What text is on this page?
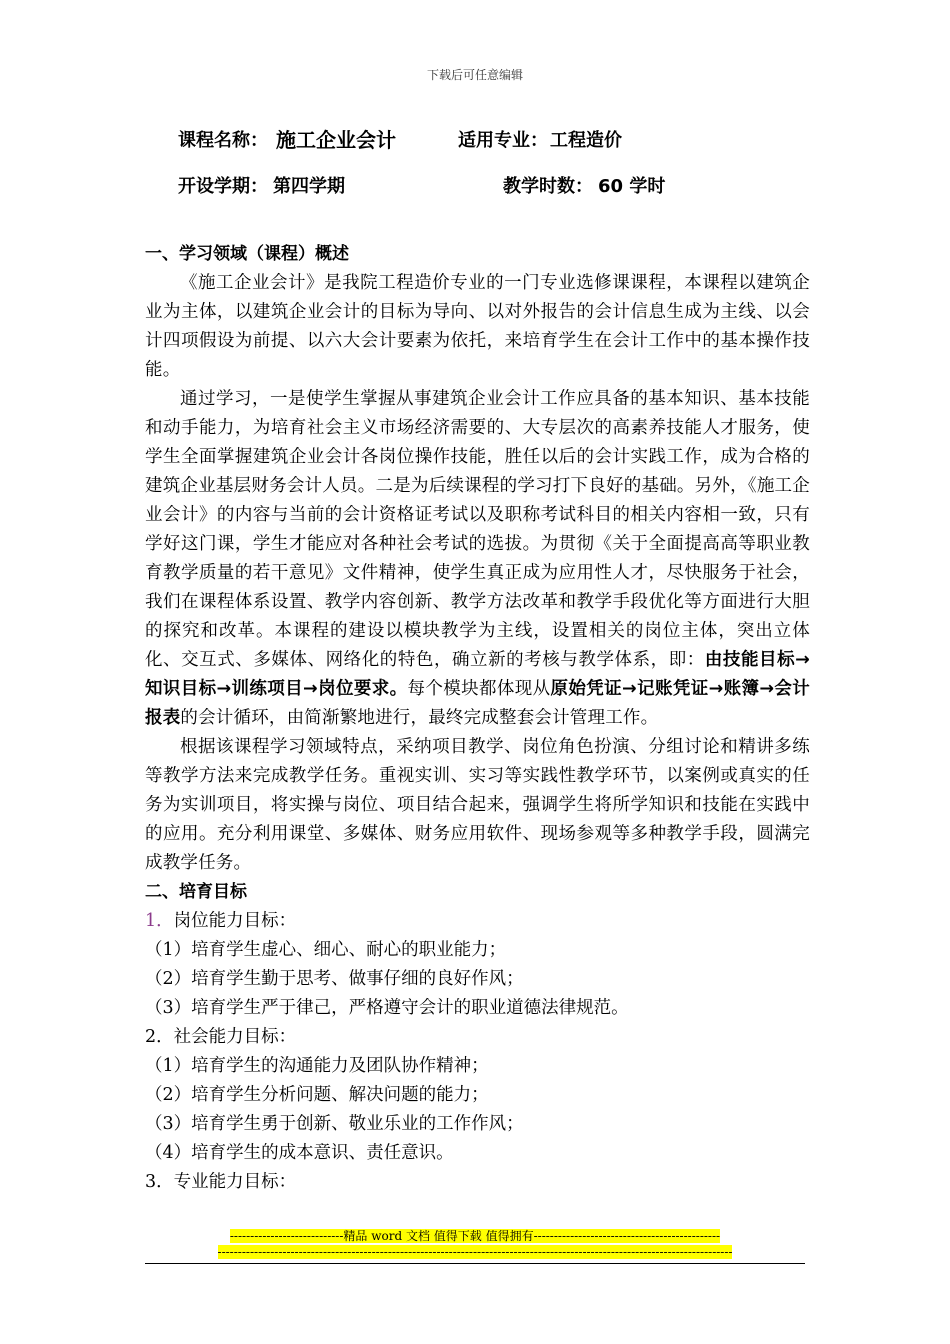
下载后可任意编辑
课程名称： 施工企业会计	适用专业： 工程造价
开设学期： 第四学期	教学时数： 60 学时

一、学习领域（课程）概述

《施工企业会计》是我院工程造价专业的一门专业选修课课程，本课程以建筑企业为主体，以建筑企业会计的目标为导向、以对外报告的会计信息生成为主线、以会计四项假设为前提、以六大会计要素为依托，来培育学生在会计工作中的基本操作技能。

通过学习，一是使学生掌握从事建筑企业会计工作应具备的基本知识、基本技能和动手能力，为培育社会主义市场经济需要的、大专层次的高素养技能人才服务，使学生全面掌握建筑企业会计各岗位操作技能，胜任以后的会计实践工作，成为合格的建筑企业基层财务会计人员。二是为后续课程的学习打下良好的基础。另外，《施工企业会计》的内容与当前的会计资格证考试以及职称考试科目的相关内容相一致，只有学好这门课，学生才能应对各种社会考试的选拔。为贯彻《关于全面提高高等职业教育教学质量的若干意见》文件精神，使学生真正成为应用性人才，尽快服务于社会，我们在课程体系设置、教学内容创新、教学方法改革和教学手段优化等方面进行大胆的探究和改革。本课程的建设以模块教学为主线，设置相关的岗位主体，突出立体化、交互式、多媒体、网络化的特色，确立新的考核与教学体系，即：由技能目标→知识目标→训练项目→岗位要求。每个模块都体现从原始凭证→记账凭证→账簿→会计报表的会计循环，由简渐繁地进行，最终完成整套会计管理工作。

根据该课程学习领域特点，采纳项目教学、岗位角色扮演、分组讨论和精讲多练等教学方法来完成教学任务。重视实训、实习等实践性教学环节，以案例或真实的任务为实训项目，将实操与岗位、项目结合起来，强调学生将所学知识和技能在实践中的应用。充分利用课堂、多媒体、财务应用软件、现场参观等多种教学手段，圆满完成教学任务。

二、培育目标

1．岗位能力目标：

（1）培育学生虚心、细心、耐心的职业能力；

（2）培育学生勤于思考、做事仔细的良好作风；

（3）培育学生严于律己，严格遵守会计的职业道德法律规范。

2．社会能力目标：

（1）培育学生的沟通能力及团队协作精神；

（2）培育学生分析问题、解决问题的能力；

（3）培育学生勇于创新、敬业乐业的工作作风；

（4）培育学生的成本意识、责任意识。

3．专业能力目标：

----------------------------精品 word 文档 值得下载 值得拥有----------------------------------------------
-------------------------------------------------------------------------------------------------------------------------------
